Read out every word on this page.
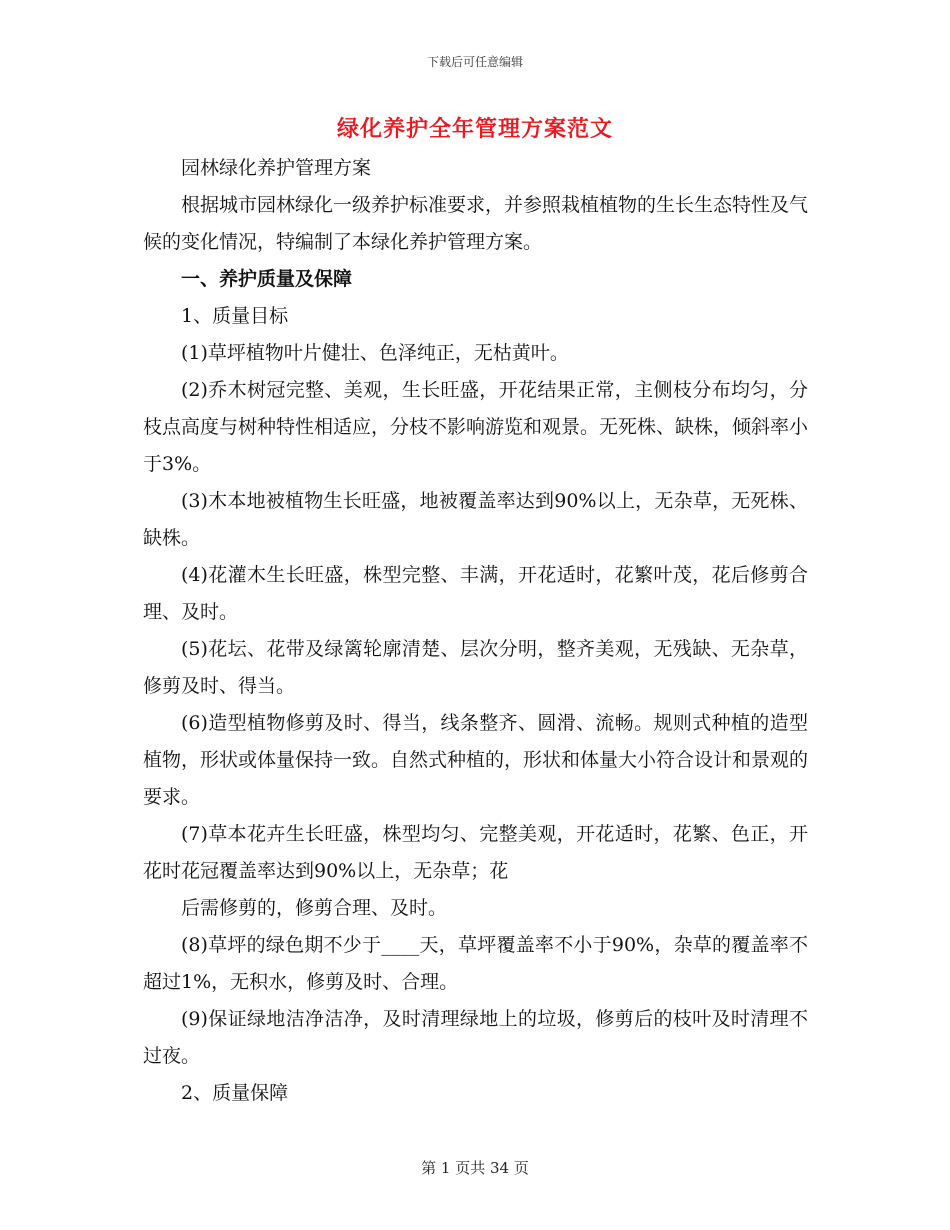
下载后可任意编辑
绿化养护全年管理方案范文

园林绿化养护管理方案

根据城市园林绿化一级养护标准要求，并参照栽植植物的生长生态特性及气候的变化情况，特编制了本绿化养护管理方案。

一、养护质量及保障

1、质量目标

(1)草坪植物叶片健壮、色泽纯正，无枯黄叶。

(2)乔木树冠完整、美观，生长旺盛，开花结果正常，主侧枝分布均匀，分枝点高度与树种特性相适应，分枝不影响游览和观景。无死株、缺株，倾斜率小于3%。

(3)木本地被植物生长旺盛，地被覆盖率达到90%以上，无杂草，无死株、缺株。

(4)花灌木生长旺盛，株型完整、丰满，开花适时，花繁叶茂，花后修剪合理、及时。

(5)花坛、花带及绿篱轮廓清楚、层次分明，整齐美观，无残缺、无杂草，修剪及时、得当。

(6)造型植物修剪及时、得当，线条整齐、圆滑、流畅。规则式种植的造型植物，形状或体量保持一致。自然式种植的，形状和体量大小符合设计和景观的要求。

(7)草本花卉生长旺盛，株型均匀、完整美观，开花适时，花繁、色正，开花时花冠覆盖率达到90%以上，无杂草；花

后需修剪的，修剪合理、及时。

(8)草坪的绿色期不少于____天，草坪覆盖率不小于90%，杂草的覆盖率不超过1%，无积水，修剪及时、合理。

(9)保证绿地洁净洁净，及时清理绿地上的垃圾，修剪后的枝叶及时清理不过夜。

2、质量保障

第 1 页共 34 页
